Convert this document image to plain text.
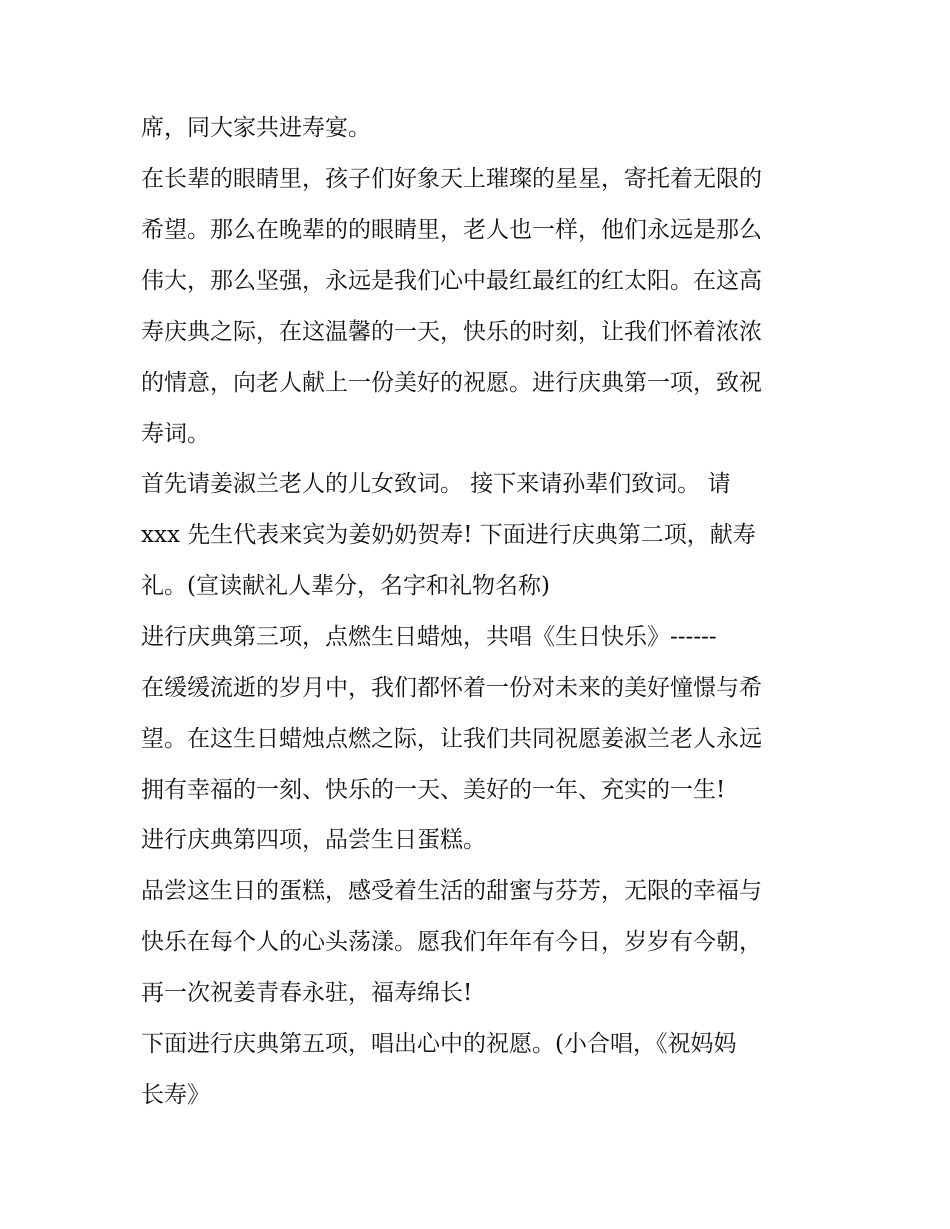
席，同大家共进寿宴。
在长辈的眼睛里，孩子们好象天上璀璨的星星，寄托着无限的
希望。那么在晚辈的的眼睛里，老人也一样，他们永远是那么
伟大，那么坚强，永远是我们心中最红最红的红太阳。在这高
寿庆典之际，在这温馨的一天，快乐的时刻，让我们怀着浓浓
的情意，向老人献上一份美好的祝愿。进行庆典第一项，致祝
寿词。
首先请姜淑兰老人的儿女致词。 接下来请孙辈们致词。 请
xxx 先生代表来宾为姜奶奶贺寿! 下面进行庆典第二项，献寿
礼。(宣读献礼人辈分，名字和礼物名称)
进行庆典第三项，点燃生日蜡烛，共唱《生日快乐》------
在缓缓流逝的岁月中，我们都怀着一份对未来的美好憧憬与希
望。在这生日蜡烛点燃之际，让我们共同祝愿姜淑兰老人永远
拥有幸福的一刻、快乐的一天、美好的一年、充实的一生!
进行庆典第四项，品尝生日蛋糕。
品尝这生日的蛋糕，感受着生活的甜蜜与芬芳，无限的幸福与
快乐在每个人的心头荡漾。愿我们年年有今日，岁岁有今朝，
再一次祝姜青春永驻，福寿绵长!
下面进行庆典第五项，唱出心中的祝愿。(小合唱，《祝妈妈
长寿》
